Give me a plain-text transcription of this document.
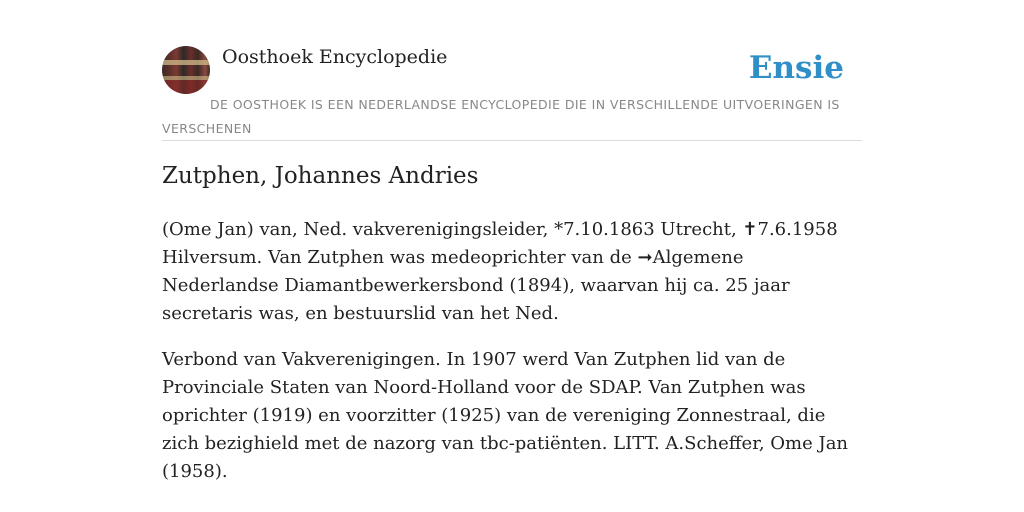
Oosthoek Encyclopedie	Ensie
DE OOSTHOEK IS EEN NEDERLANDSE ENCYCLOPEDIE DIE IN VERSCHILLENDE UITVOERINGEN IS VERSCHENEN
Zutphen, Johannes Andries

(Ome Jan) van, Ned. vakverenigingsleider, *7.10.1863 Utrecht, ✝7.6.1958 Hilversum. Van Zutphen was medeoprichter van de ➞Algemene Nederlandse Diamantbewerkersbond (1894), waarvan hij ca. 25 jaar secretaris was, en bestuurslid van het Ned.

Verbond van Vakverenigingen. In 1907 werd Van Zutphen lid van de Provinciale Staten van Noord-Holland voor de SDAP. Van Zutphen was oprichter (1919) en voorzitter (1925) van de vereniging Zonnestraal, die zich bezighield met de nazorg van tbc-patiënten. LITT. A.Scheffer, Ome Jan (1958).
